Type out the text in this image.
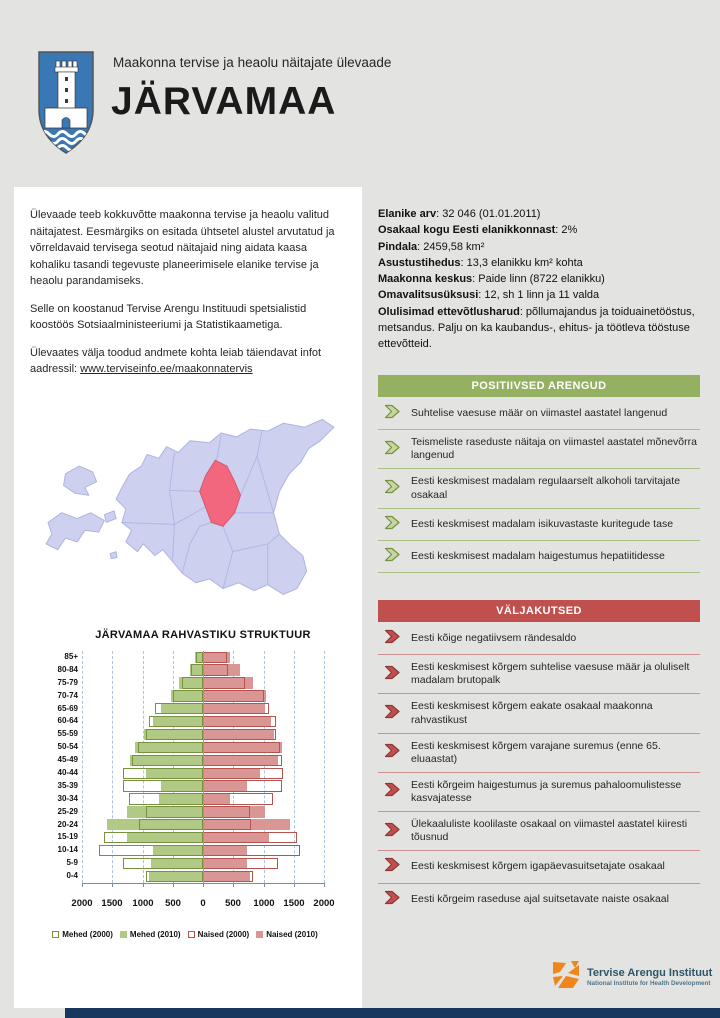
Maakonna tervise ja heaolu näitajate ülevaade
JÄRVAMAA

Ülevaade teeb kokkuvõtte maakonna tervise ja heaolu valitud näitajatest. Eesmärgiks on esitada ühtsetel alustel arvutatud ja võrreldavaid tervisega seotud näitajaid ning aidata kaasa kohaliku tasandi tegevuste planeerimisele elanike tervise ja heaolu parandamiseks.

Selle on koostanud Tervise Arengu Instituudi spetsialistid koostöös Sotsiaalministeeriumi ja Statistikaametiga.

Ülevaates välja toodud andmete kohta leiab täiendavat infot aadressil: www.terviseinfo.ee/maakonnatervis

JÄRVAMAA RAHVASTIKU STRUKTUUR
85+
80-84
75-79
70-74
65-69
60-64
55-59
50-54
45-49
40-44
35-39
30-34
25-29
20-24
15-19
10-14
5-9
0-4
2000 1500 1000 500 0 500 1000 1500 2000
Mehed (2000) Mehed (2010) Naised (2000) Naised (2010)

Elanike arv: 32 046 (01.01.2011)

Osakaal kogu Eesti elanikkonnast: 2%

Pindala: 2459,58 km²

Asustustihedus: 13,3 elanikku km² kohta

Maakonna keskus: Paide linn (8722 elanikku)

Omavalitsusüksusi: 12, sh 1 linn ja 11 valda

Olulisimad ettevõtlusharud: põllumajandus ja toiduainetööstus, metsandus. Palju on ka kaubandus-, ehitus- ja töötleva tööstuse ettevõtteid.

POSITIIVSED ARENGUD
Suhtelise vaesuse määr on viimastel aastatel langenud
Teismeliste raseduste näitaja on viimastel aastatel mõnevõrra langenud
Eesti keskmisest madalam regulaarselt alkoholi tarvitajate osakaal
Eesti keskmisest madalam isikuvastaste kuritegude tase
Eesti keskmisest madalam haigestumus hepatiitidesse
VÄLJAKUTSED
Eesti kõige negatiivsem rändesaldo
Eesti keskmisest kõrgem suhtelise vaesuse määr ja oluliselt madalam brutopalk
Eesti keskmisest kõrgem eakate osakaal maakonna rahvastikust
Eesti keskmisest kõrgem varajane suremus (enne 65. eluaastat)
Eesti kõrgeim haigestumus ja suremus pahaloomulistesse kasvajatesse
Ülekaaluliste koolilaste osakaal on viimastel aastatel kiiresti tõusnud
Eesti keskmisest kõrgem igapäevasuitsetajate osakaal
Eesti kõrgeim raseduse ajal suitsetavate naiste osakaal
Tervise Arengu Instituut
National Institute for Health Development
